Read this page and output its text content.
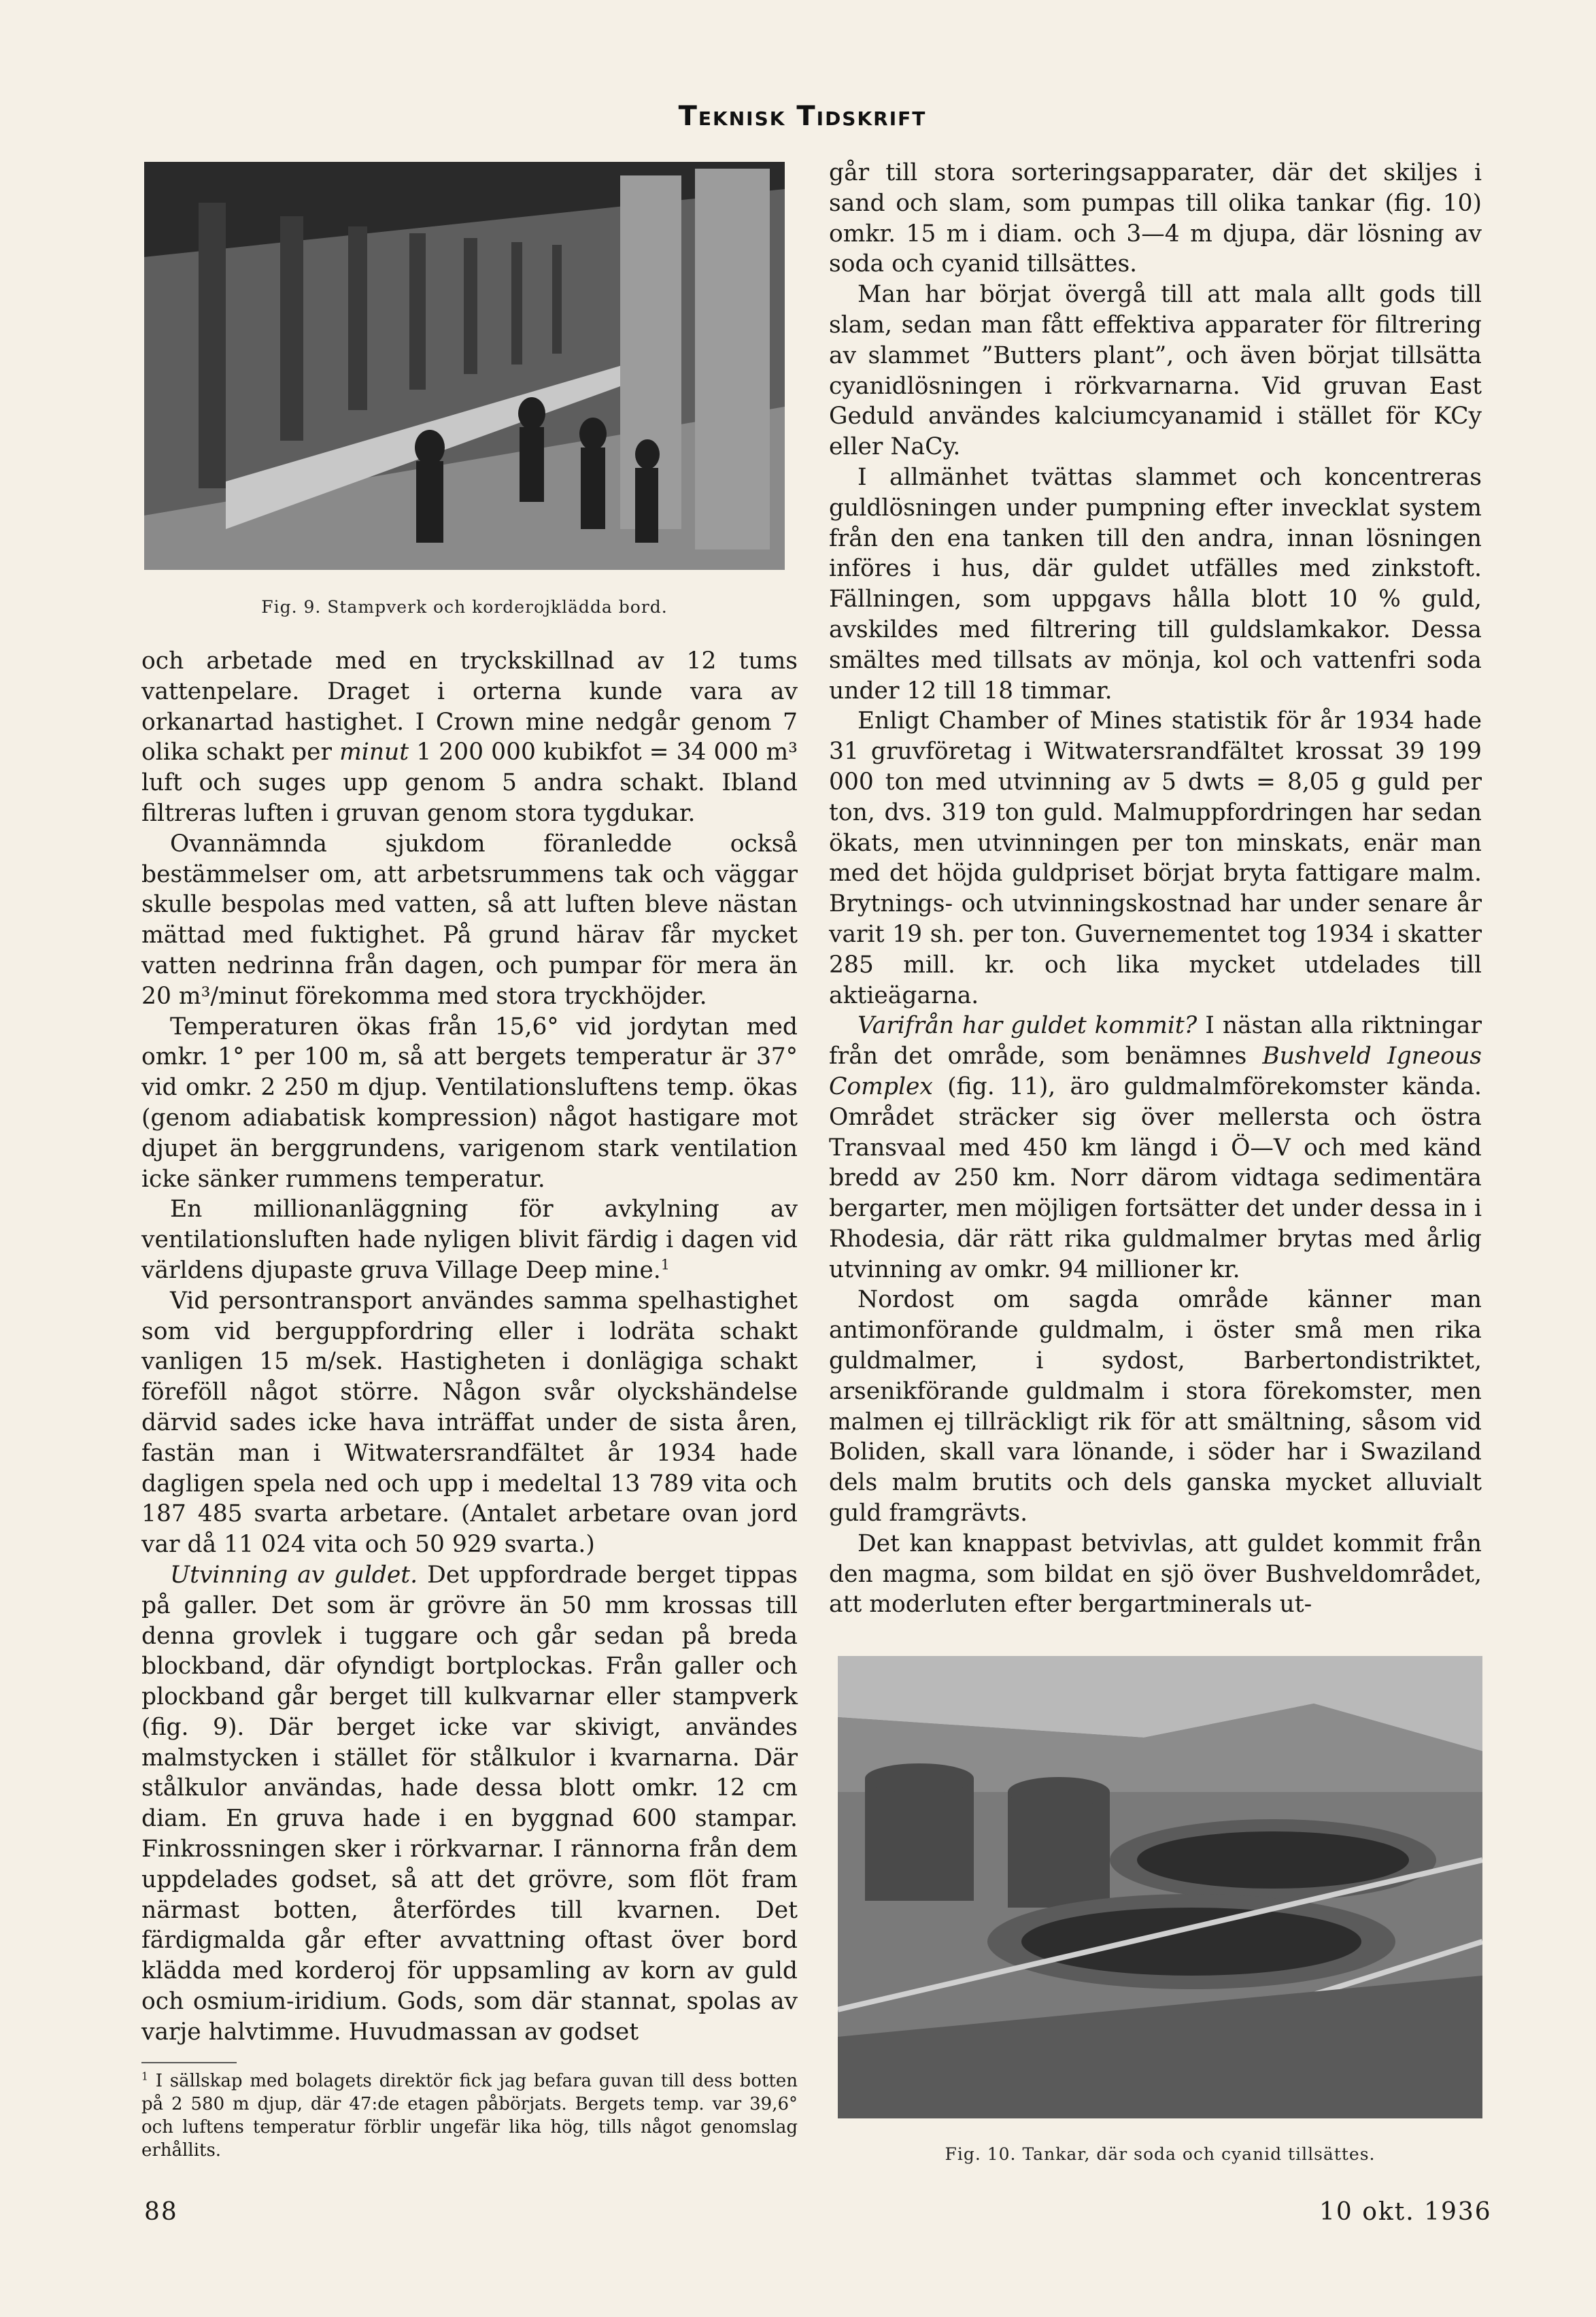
Teknisk Tidskrift
Fig. 9. Stampverk och korderojklädda bord.

och arbetade med en tryckskillnad av 12 tums vattenpelare. Draget i orterna kunde vara av orkanartad hastighet. I Crown mine nedgår genom 7 olika schakt per minut 1 200 000 kubikfot = 34 000 m³ luft och suges upp genom 5 andra schakt. Ibland filtreras luften i gruvan genom stora tygdukar.

Ovannämnda sjukdom föranledde också bestämmelser om, att arbetsrummens tak och väggar skulle bespolas med vatten, så att luften bleve nästan mättad med fuktighet. På grund härav får mycket vatten nedrinna från dagen, och pumpar för mera än 20 m³/minut förekomma med stora tryckhöjder.

Temperaturen ökas från 15,6° vid jordytan med omkr. 1° per 100 m, så att bergets temperatur är 37° vid omkr. 2 250 m djup. Ventilationsluftens temp. ökas (genom adiabatisk kompression) något hastigare mot djupet än berggrundens, varigenom stark ventilation icke sänker rummens temperatur.

En millionanläggning för avkylning av ventilationsluften hade nyligen blivit färdig i dagen vid världens djupaste gruva Village Deep mine.$^1$

Vid persontransport användes samma spelhastighet som vid berguppfordring eller i lodräta schakt vanligen 15 m/sek. Hastigheten i donlägiga schakt föreföll något större. Någon svår olyckshändelse därvid sades icke hava inträffat under de sista åren, fastän man i Witwatersrandfältet år 1934 hade dagligen spela ned och upp i medeltal 13 789 vita och 187 485 svarta arbetare. (Antalet arbetare ovan jord var då 11 024 vita och 50 929 svarta.)

Utvinning av guldet. Det uppfordrade berget tippas på galler. Det som är grövre än 50 mm krossas till denna grovlek i tuggare och går sedan på breda blockband, där ofyndigt bortplockas. Från galler och plockband går berget till kulkvarnar eller stampverk (fig. 9). Där berget icke var skivigt, användes malmstycken i stället för stålkulor i kvarnarna. Där stålkulor användas, hade dessa blott omkr. 12 cm diam. En gruva hade i en byggnad 600 stampar. Finkrossningen sker i rörkvarnar. I rännorna från dem uppdelades godset, så att det grövre, som flöt fram närmast botten, återfördes till kvarnen. Det färdigmalda går efter avvattning oftast över bord klädda med korderoj för uppsamling av korn av guld och osmium-iridium. Gods, som där stannat, spolas av varje halvtimme. Huvudmassan av godset

$^1$ I sällskap med bolagets direktör fick jag befara guvan till dess botten på 2 580 m djup, där 47:de etagen påbörjats. Bergets temp. var 39,6° och luftens temperatur förblir ungefär lika hög, tills något genomslag erhållits.

går till stora sorteringsapparater, där det skiljes i sand och slam, som pumpas till olika tankar (fig. 10) omkr. 15 m i diam. och 3—4 m djupa, där lösning av soda och cyanid tillsättes.

Man har börjat övergå till att mala allt gods till slam, sedan man fått effektiva apparater för filtrering av slammet ”Butters plant”, och även börjat tillsätta cyanidlösningen i rörkvarnarna. Vid gruvan East Geduld användes kalciumcyanamid i stället för KCy eller NaCy.

I allmänhet tvättas slammet och koncentreras guldlösningen under pumpning efter invecklat system från den ena tanken till den andra, innan lösningen införes i hus, där guldet utfälles med zinkstoft. Fällningen, som uppgavs hålla blott 10 % guld, avskildes med filtrering till guldslamkakor. Dessa smältes med tillsats av mönja, kol och vattenfri soda under 12 till 18 timmar.

Enligt Chamber of Mines statistik för år 1934 hade 31 gruvföretag i Witwatersrandfältet krossat 39 199 000 ton med utvinning av 5 dwts = 8,05 g guld per ton, dvs. 319 ton guld. Malmuppfordringen har sedan ökats, men utvinningen per ton minskats, enär man med det höjda guldpriset börjat bryta fattigare malm. Brytnings- och utvinningskostnad har under senare år varit 19 sh. per ton. Guvernementet tog 1934 i skatter 285 mill. kr. och lika mycket utdelades till aktieägarna.

Varifrån har guldet kommit? I nästan alla riktningar från det område, som benämnes Bushveld Igneous Complex (fig. 11), äro guldmalmförekomster kända. Området sträcker sig över mellersta och östra Transvaal med 450 km längd i Ö—V och med känd bredd av 250 km. Norr därom vidtaga sedimentära bergarter, men möjligen fortsätter det under dessa in i Rhodesia, där rätt rika guldmalmer brytas med årlig utvinning av omkr. 94 millioner kr.

Nordost om sagda område känner man antimonförande guldmalm, i öster små men rika guldmalmer, i sydost, Barbertondistriktet, arsenikförande guldmalm i stora förekomster, men malmen ej tillräckligt rik för att smältning, såsom vid Boliden, skall vara lönande, i söder har i Swaziland dels malm brutits och dels ganska mycket alluvialt guld framgrävts.

Det kan knappast betvivlas, att guldet kommit från den magma, som bildat en sjö över Bushveldområdet, att moderluten efter bergartminerals ut-

Fig. 10. Tankar, där soda och cyanid tillsättes.
88	10 okt. 1936
